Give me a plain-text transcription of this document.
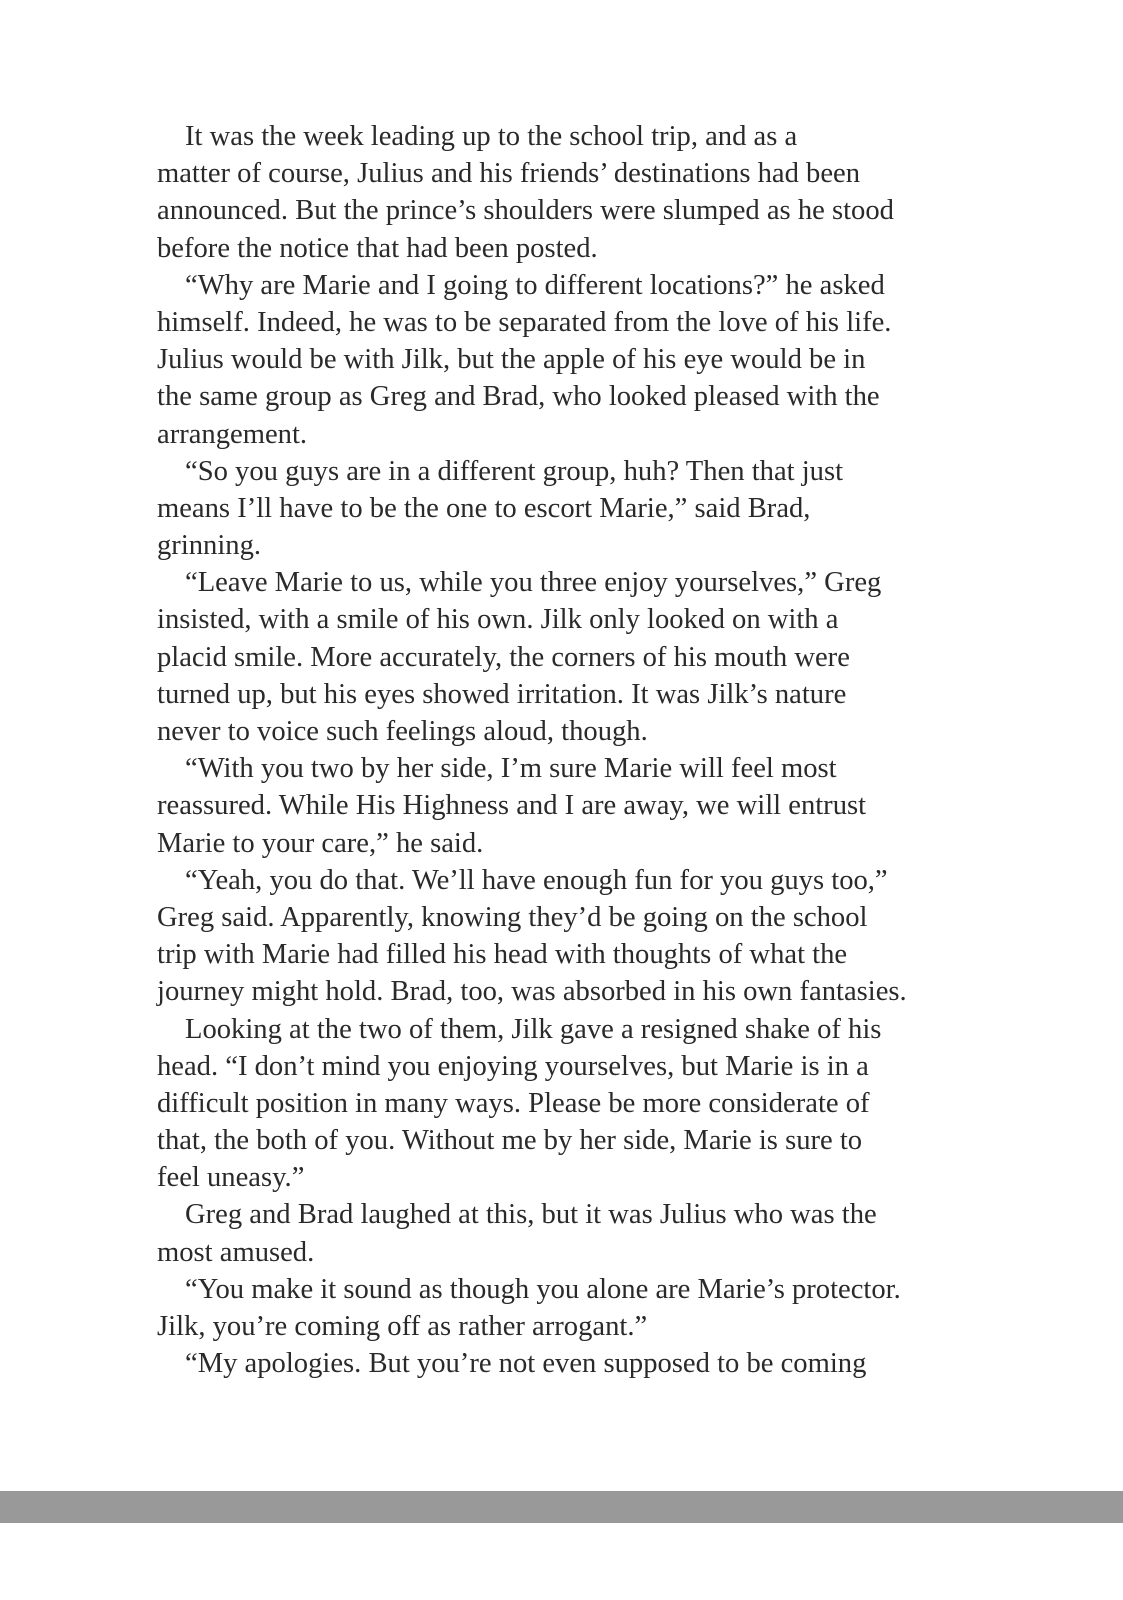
It was the week leading up to the school trip, and as a
matter of course, Julius and his friends’ destinations had been
announced. But the prince’s shoulders were slumped as he stood
before the notice that had been posted.
“Why are Marie and I going to different locations?” he asked
himself. Indeed, he was to be separated from the love of his life.
Julius would be with Jilk, but the apple of his eye would be in
the same group as Greg and Brad, who looked pleased with the
arrangement.
“So you guys are in a different group, huh? Then that just
means I’ll have to be the one to escort Marie,” said Brad,
grinning.
“Leave Marie to us, while you three enjoy yourselves,” Greg
insisted, with a smile of his own. Jilk only looked on with a
placid smile. More accurately, the corners of his mouth were
turned up, but his eyes showed irritation. It was Jilk’s nature
never to voice such feelings aloud, though.
“With you two by her side, I’m sure Marie will feel most
reassured. While His Highness and I are away, we will entrust
Marie to your care,” he said.
“Yeah, you do that. We’ll have enough fun for you guys too,”
Greg said. Apparently, knowing they’d be going on the school
trip with Marie had filled his head with thoughts of what the
journey might hold. Brad, too, was absorbed in his own fantasies.
Looking at the two of them, Jilk gave a resigned shake of his
head. “I don’t mind you enjoying yourselves, but Marie is in a
difficult position in many ways. Please be more considerate of
that, the both of you. Without me by her side, Marie is sure to
feel uneasy.”
Greg and Brad laughed at this, but it was Julius who was the
most amused.
“You make it sound as though you alone are Marie’s protector.
Jilk, you’re coming off as rather arrogant.”
“My apologies. But you’re not even supposed to be coming
